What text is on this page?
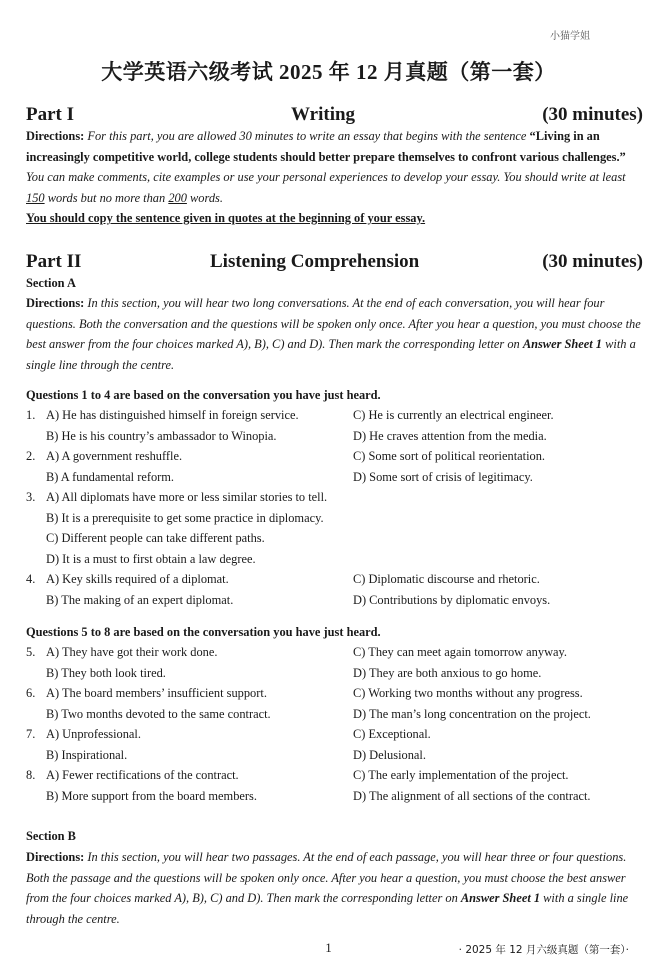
小猫学姐
大学英语六级考试 2025 年 12 月真题（第一套）
Part I	Writing	(30 minutes)
Directions: For this part, you are allowed 30 minutes to write an essay that begins with the sentence “Living in an increasingly competitive world, college students should better prepare themselves to confront various challenges.” You can make comments, cite examples or use your personal experiences to develop your essay. You should write at least 150 words but no more than 200 words.
You should copy the sentence given in quotes at the beginning of your essay.
Part II	Listening Comprehension	(30 minutes)
Section A
Directions: In this section, you will hear two long conversations. At the end of each conversation, you will hear four questions. Both the conversation and the questions will be spoken only once. After you hear a question, you must choose the best answer from the four choices marked A), B), C) and D). Then mark the corresponding letter on Answer Sheet 1 with a single line through the centre.
Questions 1 to 4 are based on the conversation you have just heard.
1. A) He has distinguished himself in foreign service.	C) He is currently an electrical engineer.
B) He is his country’s ambassador to Winopia.	D) He craves attention from the media.
2. A) A government reshuffle.	C) Some sort of political reorientation.
B) A fundamental reform.	D) Some sort of crisis of legitimacy.
3. A) All diplomats have more or less similar stories to tell.
B) It is a prerequisite to get some practice in diplomacy.
C) Different people can take different paths.
D) It is a must to first obtain a law degree.
4. A) Key skills required of a diplomat.	C) Diplomatic discourse and rhetoric.
B) The making of an expert diplomat.	D) Contributions by diplomatic envoys.
Questions 5 to 8 are based on the conversation you have just heard.
5. A) They have got their work done.	C) They can meet again tomorrow anyway.
B) They both look tired.	D) They are both anxious to go home.
6. A) The board members’ insufficient support.	C) Working two months without any progress.
B) Two months devoted to the same contract.	D) The man’s long concentration on the project.
7. A) Unprofessional.	C) Exceptional.
B) Inspirational.	D) Delusional.
8. A) Fewer rectifications of the contract.	C) The early implementation of the project.
B) More support from the board members.	D) The alignment of all sections of the contract.
Section B
Directions: In this section, you will hear two passages. At the end of each passage, you will hear three or four questions. Both the passage and the questions will be spoken only once. After you hear a question, you must choose the best answer from the four choices marked A), B), C) and D). Then mark the corresponding letter on Answer Sheet 1 with a single line through the centre.
1	· 2025 年 12 月六级真题（第一套）·
